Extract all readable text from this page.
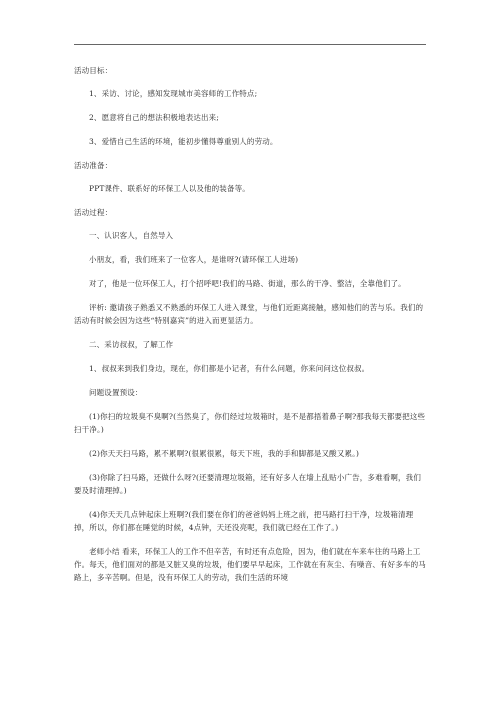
活动目标：

1、采访、讨论，感知发现城市美容师的工作特点;

2、愿意将自己的想法积极地表达出来;

3、爱惜自己生活的环境，能初步懂得尊重别人的劳动。

活动准备：

PPT课件、联系好的环保工人以及他的装备等。

活动过程：

一、认识客人，自然导入

小朋友，看，我们班来了一位客人，是谁呀?(请环保工人进场)

对了，他是一位环保工人，打个招呼吧!我们的马路、街道，那么的干净、整洁，全靠他们了。

评析: 邀请孩子熟悉又不熟悉的环保工人进入课堂，与他们近距离接触，感知他们的苦与乐。我们的活动有时候会因为这些“特别嘉宾”的进入而更显活力。

二、采访叔叔，了解工作

1、叔叔来到我们身边，现在，你们都是小记者，有什么问题，你来问问这位叔叔。

问题设置预设：

(1)你扫的垃圾臭不臭啊?(当然臭了，你们经过垃圾箱时，是不是都捂着鼻子啊?那我每天都要把这些扫干净。)

(2)你天天扫马路，累不累啊?(很累很累，每天下班，我的手和脚都是又酸又累。)

(3)你除了扫马路，还做什么呀?(还要清理垃圾箱，还有好多人在墙上乱贴小广告，多难看啊，我们要及时清理掉。)

(4)你天天几点钟起床上班啊?(我们要在你们的爸爸妈妈上班之前，把马路打扫干净，垃圾箱清理掉，所以，你们都在睡觉的时候，4点钟，天还没亮呢，我们就已经在工作了。)

老师小结 看来，环保工人的工作不但辛苦，有时还有点危险，因为，他们就在车来车往的马路上工作。每天，他们面对的都是又脏又臭的垃圾，他们要早早起床，工作就在有灰尘、有噪音、有好多车的马路上，多辛苦啊。但是，没有环保工人的劳动，我们生活的环境
